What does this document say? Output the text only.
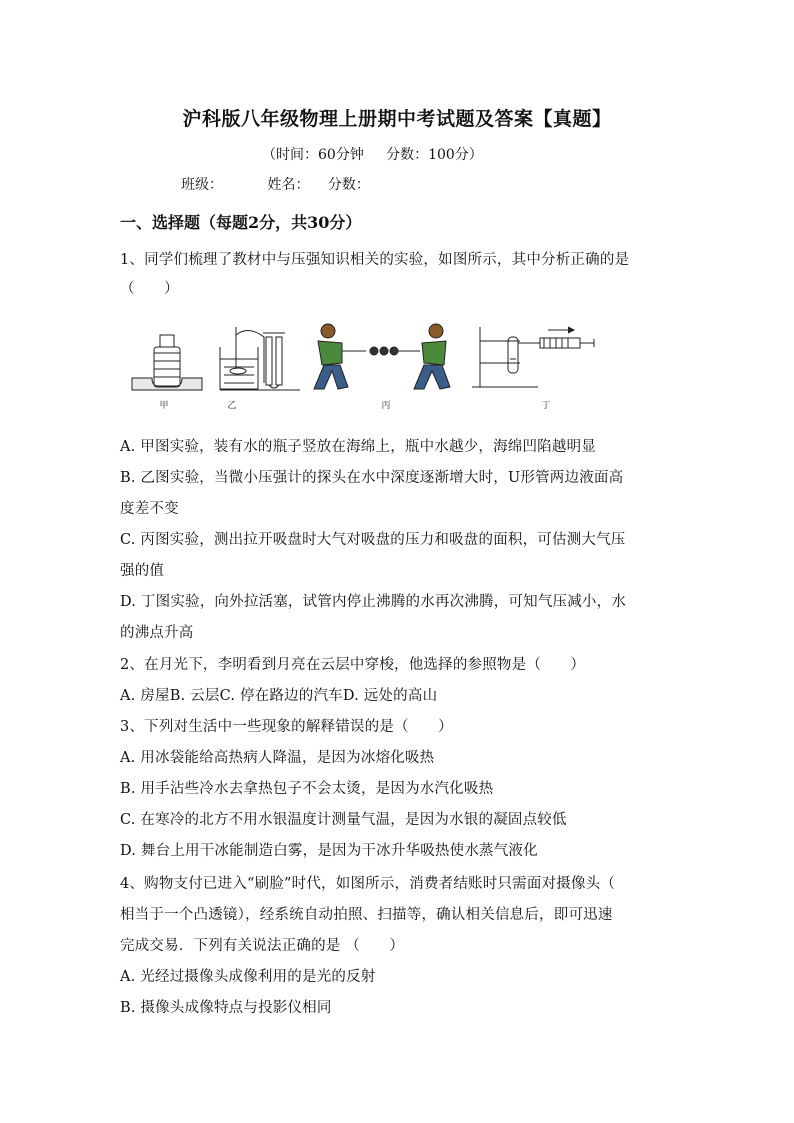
沪科版八年级物理上册期中考试题及答案【真题】
（时间：60分钟     分数：100分）
班级：	姓名： 分数：
一、选择题（每题2分，共30分）
1、同学们梳理了教材中与压强知识相关的实验，如图所示，其中分析正确的是
（　　）
甲	乙	丙	丁
A. 甲图实验，装有水的瓶子竖放在海绵上，瓶中水越少，海绵凹陷越明显
B. 乙图实验，当微小压强计的探头在水中深度逐渐增大时，U形管两边液面高
度差不变
C. 丙图实验，测出拉开吸盘时大气对吸盘的压力和吸盘的面积，可估测大气压
强的值
D. 丁图实验，向外拉活塞，试管内停止沸腾的水再次沸腾，可知气压减小，水
的沸点升高
2、在月光下，李明看到月亮在云层中穿梭，他选择的参照物是（　　）
A. 房屋B. 云层C. 停在路边的汽车D. 远处的高山
3、下列对生活中一些现象的解释错误的是（　　）
A. 用冰袋能给高热病人降温，是因为冰熔化吸热
B. 用手沾些冷水去拿热包子不会太烫，是因为水汽化吸热
C. 在寒冷的北方不用水银温度计测量气温，是因为水银的凝固点较低
D. 舞台上用干冰能制造白雾，是因为干冰升华吸热使水蒸气液化
4、购物支付已进入“刷脸”时代，如图所示，消费者结账时只需面对摄像头（
相当于一个凸透镜），经系统自动拍照、扫描等，确认相关信息后，即可迅速
完成交易．下列有关说法正确的是 （　　）
A. 光经过摄像头成像利用的是光的反射
B. 摄像头成像特点与投影仪相同
